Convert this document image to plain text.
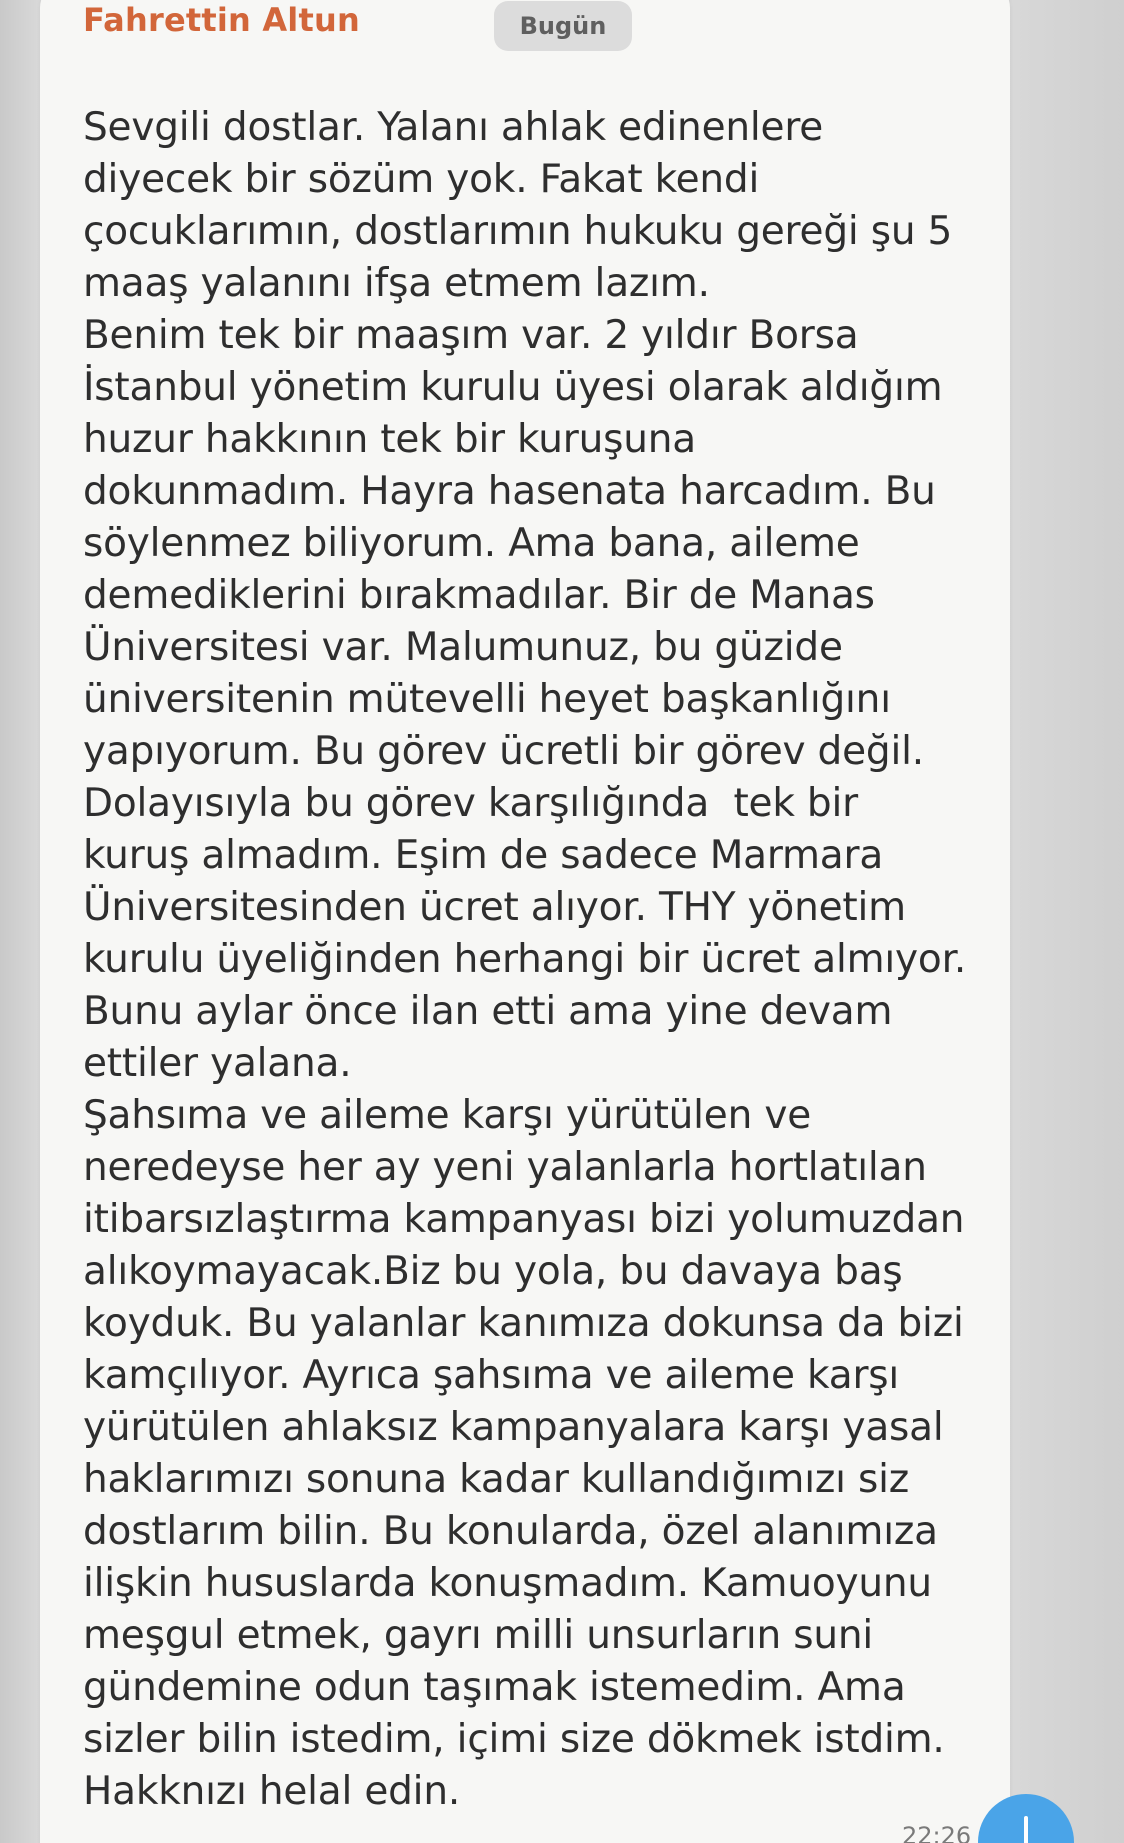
Fahrettin Altun	Bugün
Sevgili dostlar. Yalanı ahlak edinenlere
diyecek bir sözüm yok. Fakat kendi
çocuklarımın, dostlarımın hukuku gereği şu 5
maaş yalanını ifşa etmem lazım.
Benim tek bir maaşım var. 2 yıldır Borsa
İstanbul yönetim kurulu üyesi olarak aldığım
huzur hakkının tek bir kuruşuna
dokunmadım. Hayra hasenata harcadım. Bu
söylenmez biliyorum. Ama bana, aileme
demediklerini bırakmadılar. Bir de Manas
Üniversitesi var. Malumunuz, bu güzide
üniversitenin mütevelli heyet başkanlığını
yapıyorum. Bu görev ücretli bir görev değil.
Dolayısıyla bu görev karşılığında  tek bir
kuruş almadım. Eşim de sadece Marmara
Üniversitesinden ücret alıyor. THY yönetim
kurulu üyeliğinden herhangi bir ücret almıyor.
Bunu aylar önce ilan etti ama yine devam
ettiler yalana.
Şahsıma ve aileme karşı yürütülen ve
neredeyse her ay yeni yalanlarla hortlatılan
itibarsızlaştırma kampanyası bizi yolumuzdan
alıkoymayacak.Biz bu yola, bu davaya baş
koyduk. Bu yalanlar kanımıza dokunsa da bizi
kamçılıyor. Ayrıca şahsıma ve aileme karşı
yürütülen ahlaksız kampanyalara karşı yasal
haklarımızı sonuna kadar kullandığımızı siz
dostlarım bilin. Bu konularda, özel alanımıza
ilişkin hususlarda konuşmadım. Kamuoyunu
meşgul etmek, gayrı milli unsurların suni
gündemine odun taşımak istemedim. Ama
sizler bilin istedim, içimi size dökmek istdim.
Hakknızı helal edin.
22:26
